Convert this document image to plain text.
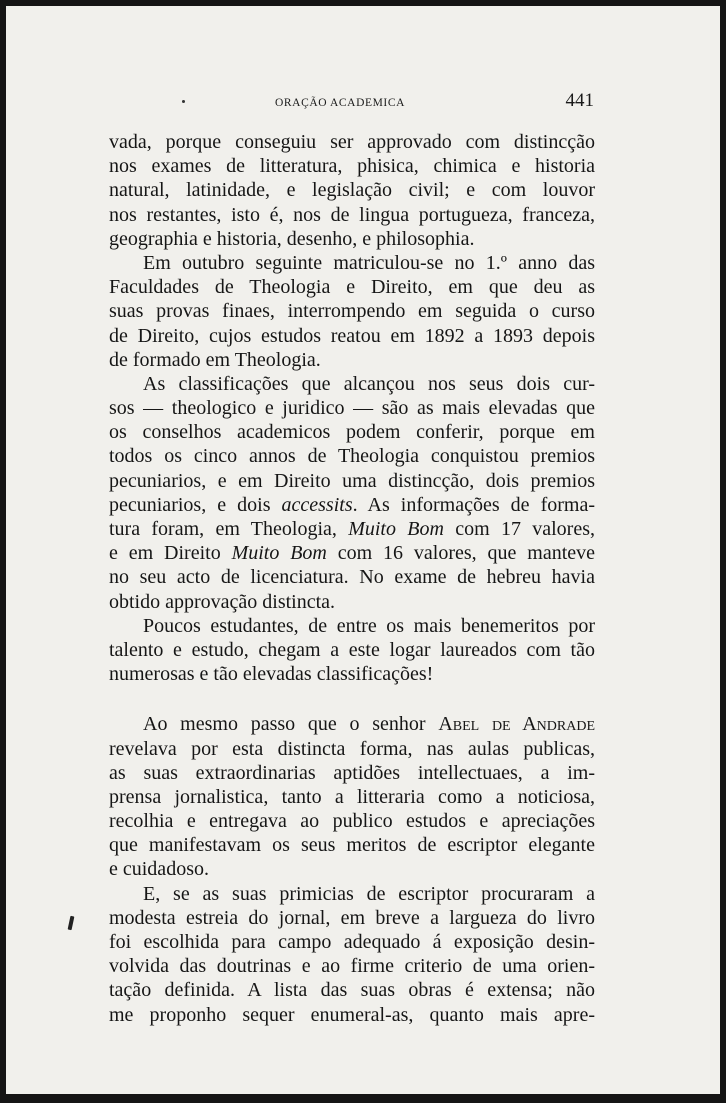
ORAÇÃO ACADEMICA	441
vada, porque conseguiu ser approvado com distincção
nos exames de litteratura, phisica, chimica e historia
natural, latinidade, e legislação civil; e com louvor
nos restantes, isto é, nos de lingua portugueza, franceza,
geographia e historia, desenho, e philosophia.
Em outubro seguinte matriculou-se no 1.º anno das
Faculdades de Theologia e Direito, em que deu as
suas provas finaes, interrompendo em seguida o curso
de Direito, cujos estudos reatou em 1892 a 1893 depois
de formado em Theologia.
As classificações que alcançou nos seus dois cur-
sos — theologico e juridico — são as mais elevadas que
os conselhos academicos podem conferir, porque em
todos os cinco annos de Theologia conquistou premios
pecuniarios, e em Direito uma distincção, dois premios
pecuniarios, e dois accessits. As informações de forma-
tura foram, em Theologia, Muito Bom com 17 valores,
e em Direito Muito Bom com 16 valores, que manteve
no seu acto de licenciatura. No exame de hebreu havia
obtido approvação distincta.
Poucos estudantes, de entre os mais benemeritos por
talento e estudo, chegam a este logar laureados com tão
numerosas e tão elevadas classificações!
Ao mesmo passo que o senhor Abel de Andrade
revelava por esta distincta forma, nas aulas publicas,
as suas extraordinarias aptidões intellectuaes, a im-
prensa jornalistica, tanto a litteraria como a noticiosa,
recolhia e entregava ao publico estudos e apreciações
que manifestavam os seus meritos de escriptor elegante
e cuidadoso.
E, se as suas primicias de escriptor procuraram a
modesta estreia do jornal, em breve a largueza do livro
foi escolhida para campo adequado á exposição desin-
volvida das doutrinas e ao firme criterio de uma orien-
tação definida. A lista das suas obras é extensa; não
me proponho sequer enumeral-as, quanto mais apre-
